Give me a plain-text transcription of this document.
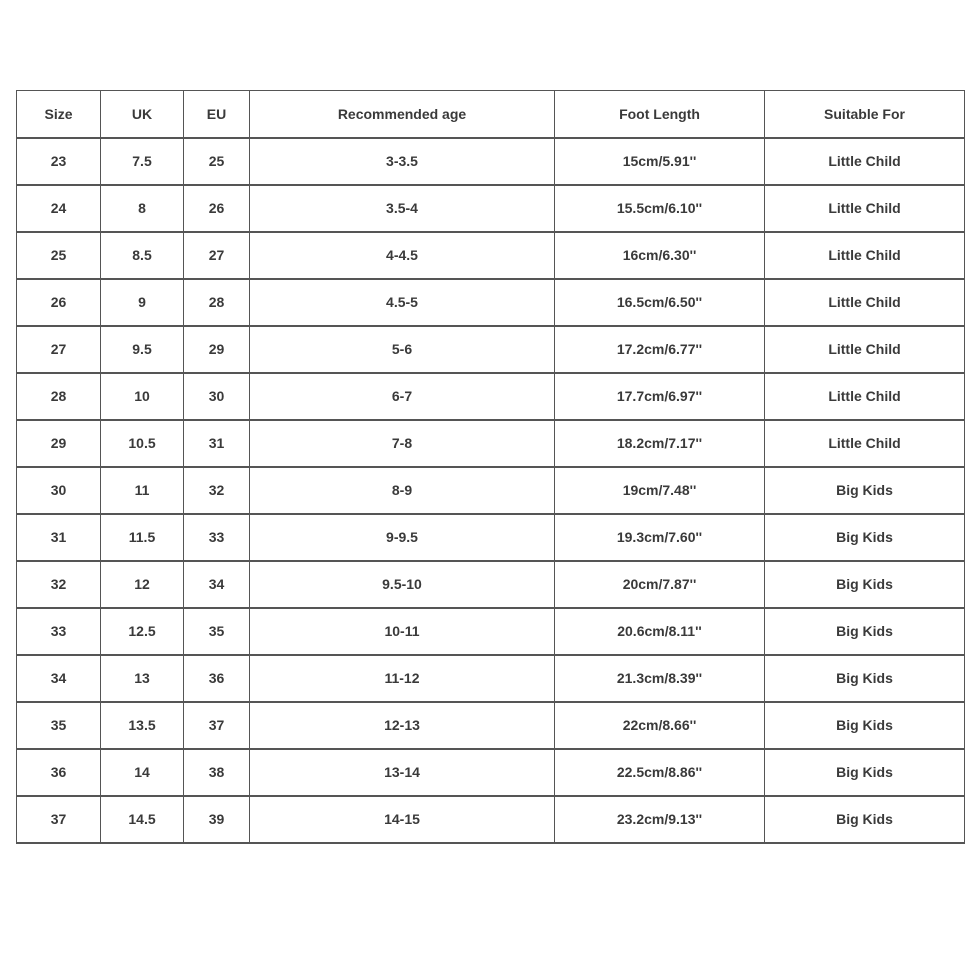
Size	UK	EU	Recommended age	Foot Length	Suitable For
23	7.5	25	3-3.5	15cm/5.91''	Little Child
24	8	26	3.5-4	15.5cm/6.10''	Little Child
25	8.5	27	4-4.5	16cm/6.30''	Little Child
26	9	28	4.5-5	16.5cm/6.50''	Little Child
27	9.5	29	5-6	17.2cm/6.77''	Little Child
28	10	30	6-7	17.7cm/6.97''	Little Child
29	10.5	31	7-8	18.2cm/7.17''	Little Child
30	11	32	8-9	19cm/7.48''	Big Kids
31	11.5	33	9-9.5	19.3cm/7.60''	Big Kids
32	12	34	9.5-10	20cm/7.87''	Big Kids
33	12.5	35	10-11	20.6cm/8.11''	Big Kids
34	13	36	11-12	21.3cm/8.39''	Big Kids
35	13.5	37	12-13	22cm/8.66''	Big Kids
36	14	38	13-14	22.5cm/8.86''	Big Kids
37	14.5	39	14-15	23.2cm/9.13''	Big Kids
